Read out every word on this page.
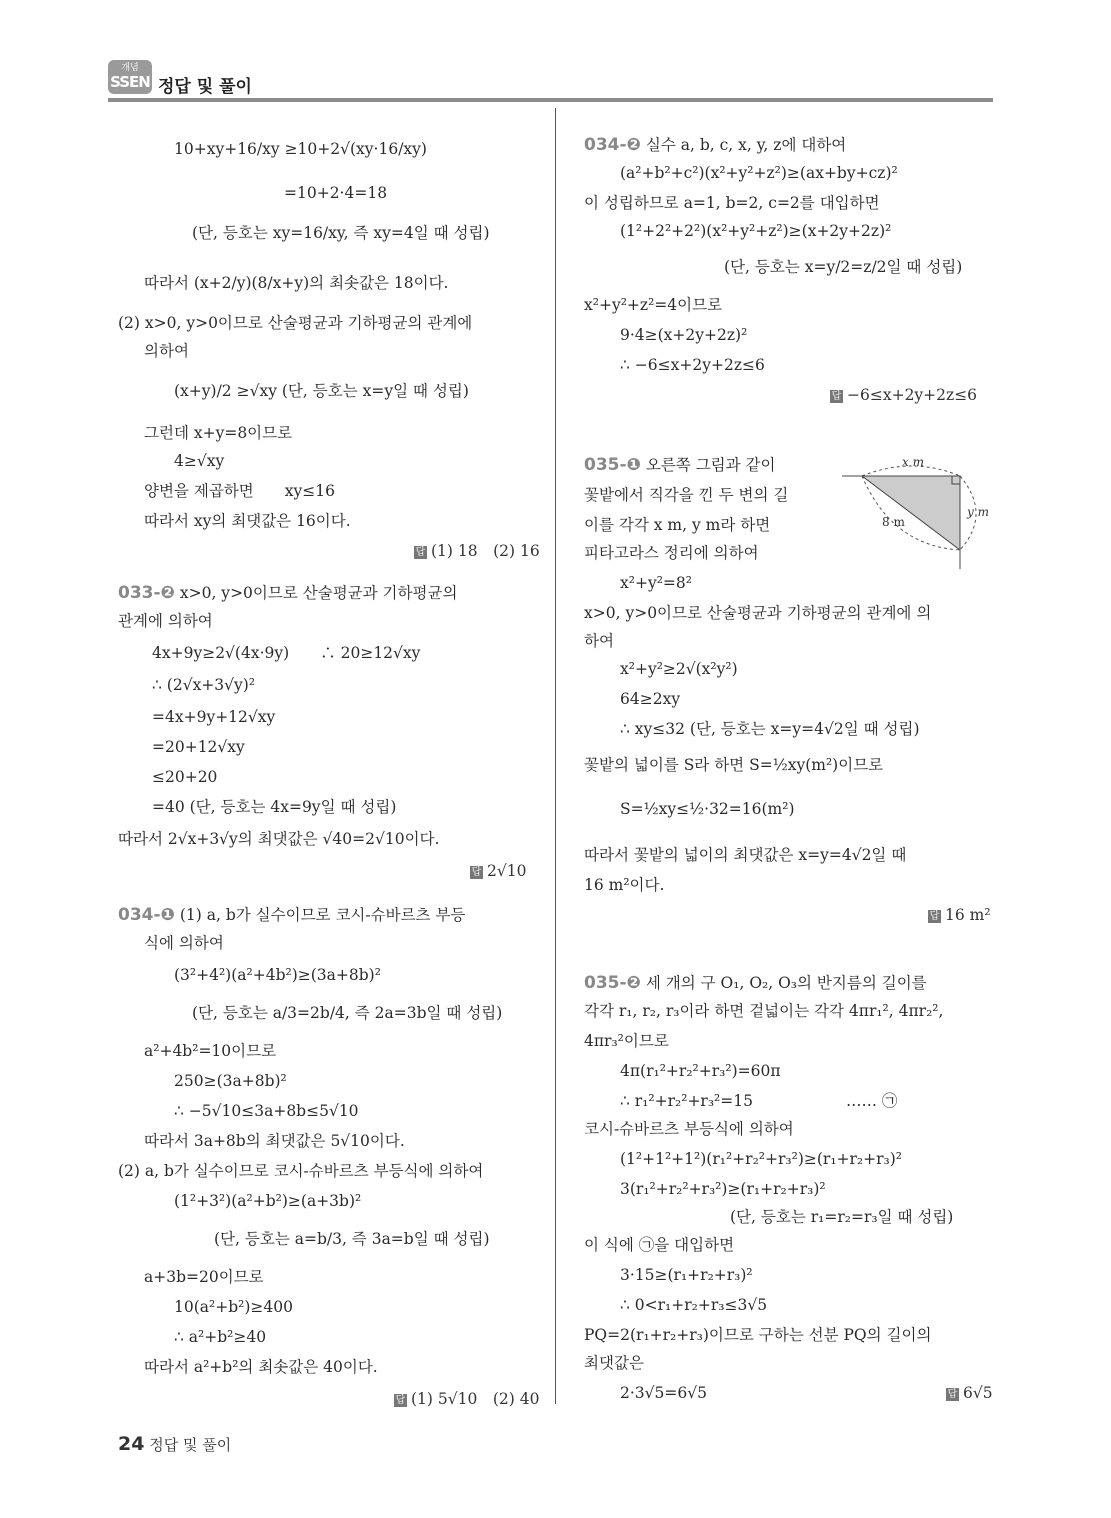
개념
SSEN 정답 및 풀이
10+xy+16/xy ≥10+2√(xy·16/xy)
=10+2·4=18
(단, 등호는 xy=16/xy, 즉 xy=4일 때 성립)
따라서 (x+2/y)(8/x+y)의 최솟값은 18이다.
(2) x>0, y>0이므로 산술평균과 기하평균의 관계에
의하여
(x+y)/2 ≥√xy (단, 등호는 x=y일 때 성립)
그런데 x+y=8이므로
4≥√xy
양변을 제곱하면　　xy≤16
따라서 xy의 최댓값은 16이다.
답 (1) 18　(2) 16
033-❷ x>0, y>0이므로 산술평균과 기하평균의
관계에 의하여
4x+9y≥2√(4x·9y)　　∴ 20≥12√xy
∴ (2√x+3√y)²
=4x+9y+12√xy
=20+12√xy
≤20+20
=40 (단, 등호는 4x=9y일 때 성립)
따라서 2√x+3√y의 최댓값은 √40=2√10이다.
답 2√10
034-❶ (1) a, b가 실수이므로 코시-슈바르츠 부등
식에 의하여
(3²+4²)(a²+4b²)≥(3a+8b)²
(단, 등호는 a/3=2b/4, 즉 2a=3b일 때 성립)
a²+4b²=10이므로
250≥(3a+8b)²
∴ −5√10≤3a+8b≤5√10
따라서 3a+8b의 최댓값은 5√10이다.
(2) a, b가 실수이므로 코시-슈바르츠 부등식에 의하여
(1²+3²)(a²+b²)≥(a+3b)²
(단, 등호는 a=b/3, 즉 3a=b일 때 성립)
a+3b=20이므로
10(a²+b²)≥400
∴ a²+b²≥40
따라서 a²+b²의 최솟값은 40이다.
답 (1) 5√10　(2) 40
034-❷ 실수 a, b, c, x, y, z에 대하여
(a²+b²+c²)(x²+y²+z²)≥(ax+by+cz)²
이 성립하므로 a=1, b=2, c=2를 대입하면
(1²+2²+2²)(x²+y²+z²)≥(x+2y+2z)²
(단, 등호는 x=y/2=z/2일 때 성립)
x²+y²+z²=4이므로
9·4≥(x+2y+2z)²
∴ −6≤x+2y+2z≤6
답 −6≤x+2y+2z≤6
035-❶ 오른쪽 그림과 같이
꽃밭에서 직각을 낀 두 변의 길
이를 각각 x m, y m라 하면
피타고라스 정리에 의하여
x²+y²=8²
x>0, y>0이므로 산술평균과 기하평균의 관계에 의
하여
x²+y²≥2√(x²y²)
64≥2xy
∴ xy≤32 (단, 등호는 x=y=4√2일 때 성립)
꽃밭의 넓이를 S라 하면 S=½xy(m²)이므로
S=½xy≤½·32=16(m²)
따라서 꽃밭의 넓이의 최댓값은 x=y=4√2일 때
16 m²이다.
답 16 m²
035-❷ 세 개의 구 O₁, O₂, O₃의 반지름의 길이를
각각 r₁, r₂, r₃이라 하면 겉넓이는 각각 4πr₁², 4πr₂²,
4πr₃²이므로
4π(r₁²+r₂²+r₃²)=60π
∴ r₁²+r₂²+r₃²=15　　　　　　…… ㉠
코시-슈바르츠 부등식에 의하여
(1²+1²+1²)(r₁²+r₂²+r₃²)≥(r₁+r₂+r₃)²
3(r₁²+r₂²+r₃²)≥(r₁+r₂+r₃)²
(단, 등호는 r₁=r₂=r₃일 때 성립)
이 식에 ㉠을 대입하면
3·15≥(r₁+r₂+r₃)²
∴ 0<r₁+r₂+r₃≤3√5
PQ=2(r₁+r₂+r₃)이므로 구하는 선분 PQ의 길이의
최댓값은
2·3√5=6√5	답 6√5
x m
y m
8 m
24 정답 및 풀이
